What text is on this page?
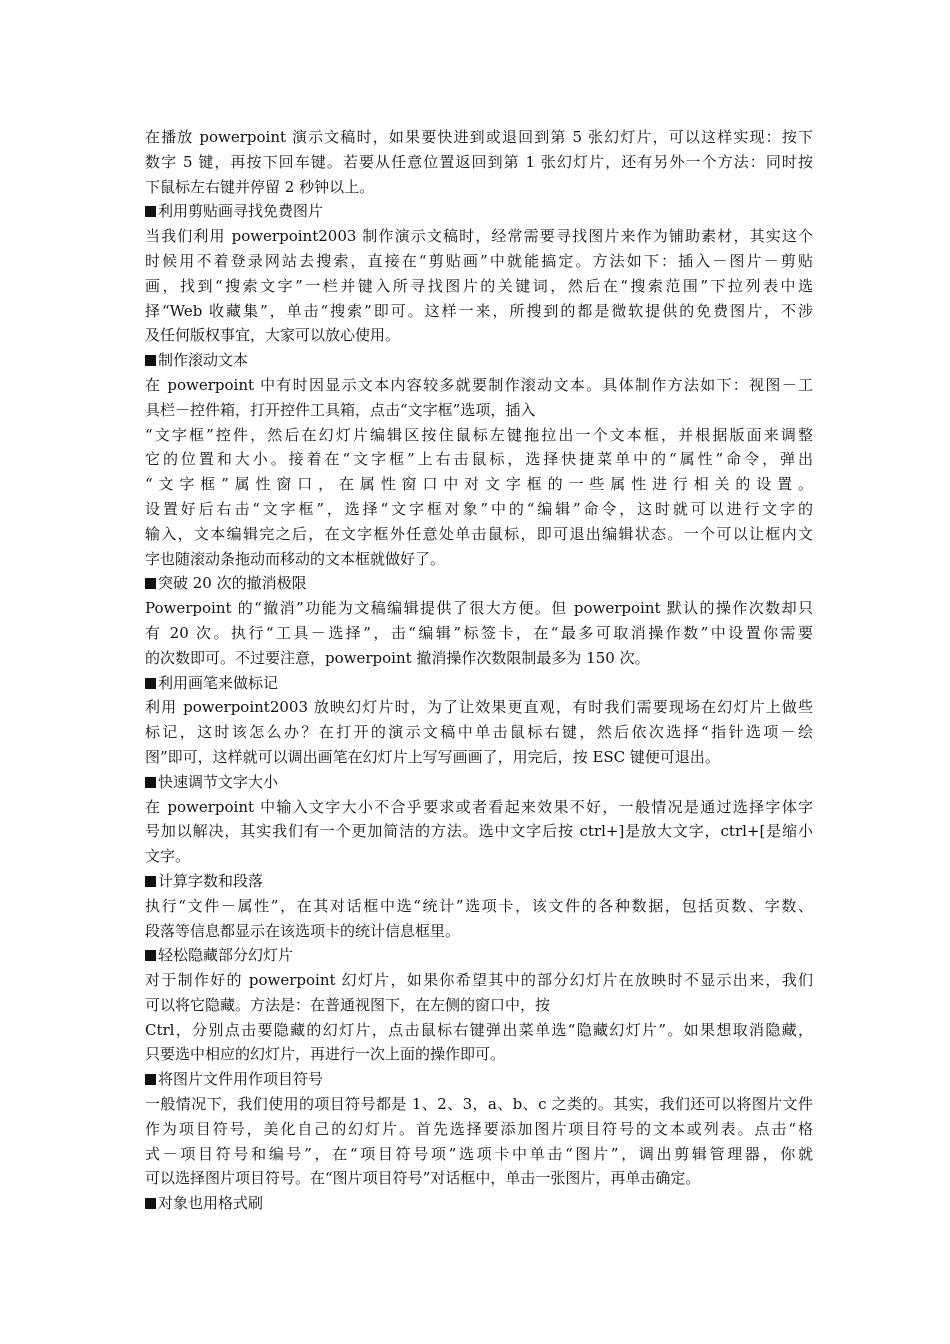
在播放 powerpoint 演示文稿时，如果要快进到或退回到第 5 张幻灯片，可以这样实现：按下
数字 5 键，再按下回车键。若要从任意位置返回到第 1 张幻灯片，还有另外一个方法：同时按
下鼠标左右键并停留 2 秒钟以上。
利用剪贴画寻找免费图片
当我们利用 powerpoint2003 制作演示文稿时，经常需要寻找图片来作为铺助素材，其实这个
时候用不着登录网站去搜索，直接在“剪贴画”中就能搞定。方法如下：插入－图片－剪贴
画，找到“搜索文字”一栏并键入所寻找图片的关键词，然后在“搜索范围”下拉列表中选
择“Web 收藏集”，单击“搜索”即可。这样一来，所搜到的都是微软提供的免费图片，不涉
及任何版权事宜，大家可以放心使用。
制作滚动文本
在 powerpoint 中有时因显示文本内容较多就要制作滚动文本。具体制作方法如下：视图－工
具栏－控件箱，打开控件工具箱，点击“文字框”选项，插入
“文字框”控件，然后在幻灯片编辑区按住鼠标左键拖拉出一个文本框，并根据版面来调整
它的位置和大小。接着在“文字框”上右击鼠标，选择快捷菜单中的“属性”命令，弹出
“文字框”属性窗口，在属性窗口中对文字框的一些属性进行相关的设置。
设置好后右击“文字框”，选择“文字框对象”中的“编辑”命令，这时就可以进行文字的
输入，文本编辑完之后，在文字框外任意处单击鼠标，即可退出编辑状态。一个可以让框内文
字也随滚动条拖动而移动的文本框就做好了。
突破 20 次的撤消极限
Powerpoint 的“撤消”功能为文稿编辑提供了很大方便。但 powerpoint 默认的操作次数却只
有 20 次。执行“工具－选择”，击“编辑”标签卡，在“最多可取消操作数”中设置你需要
的次数即可。不过要注意，powerpoint 撤消操作次数限制最多为 150 次。
利用画笔来做标记
利用 powerpoint2003 放映幻灯片时，为了让效果更直观，有时我们需要现场在幻灯片上做些
标记，这时该怎么办？在打开的演示文稿中单击鼠标右键，然后依次选择“指针选项－绘
图”即可，这样就可以调出画笔在幻灯片上写写画画了，用完后，按 ESC 键便可退出。
快速调节文字大小
在 powerpoint 中输入文字大小不合乎要求或者看起来效果不好，一般情况是通过选择字体字
号加以解决，其实我们有一个更加简洁的方法。选中文字后按 ctrl+]是放大文字，ctrl+[是缩小
文字。
计算字数和段落
执行“文件－属性”，在其对话框中选“统计”选项卡，该文件的各种数据，包括页数、字数、
段落等信息都显示在该选项卡的统计信息框里。
轻松隐藏部分幻灯片
对于制作好的 powerpoint 幻灯片，如果你希望其中的部分幻灯片在放映时不显示出来，我们
可以将它隐藏。方法是：在普通视图下，在左侧的窗口中，按
Ctrl，分别点击要隐藏的幻灯片，点击鼠标右键弹出菜单选“隐藏幻灯片”。如果想取消隐藏，
只要选中相应的幻灯片，再进行一次上面的操作即可。
将图片文件用作项目符号
一般情况下，我们使用的项目符号都是 1、2、3，a、b、c 之类的。其实，我们还可以将图片文件
作为项目符号，美化自己的幻灯片。首先选择要添加图片项目符号的文本或列表。点击“格
式－项目符号和编号”，在“项目符号项”选项卡中单击“图片”，调出剪辑管理器，你就
可以选择图片项目符号。在“图片项目符号”对话框中，单击一张图片，再单击确定。
对象也用格式刷
